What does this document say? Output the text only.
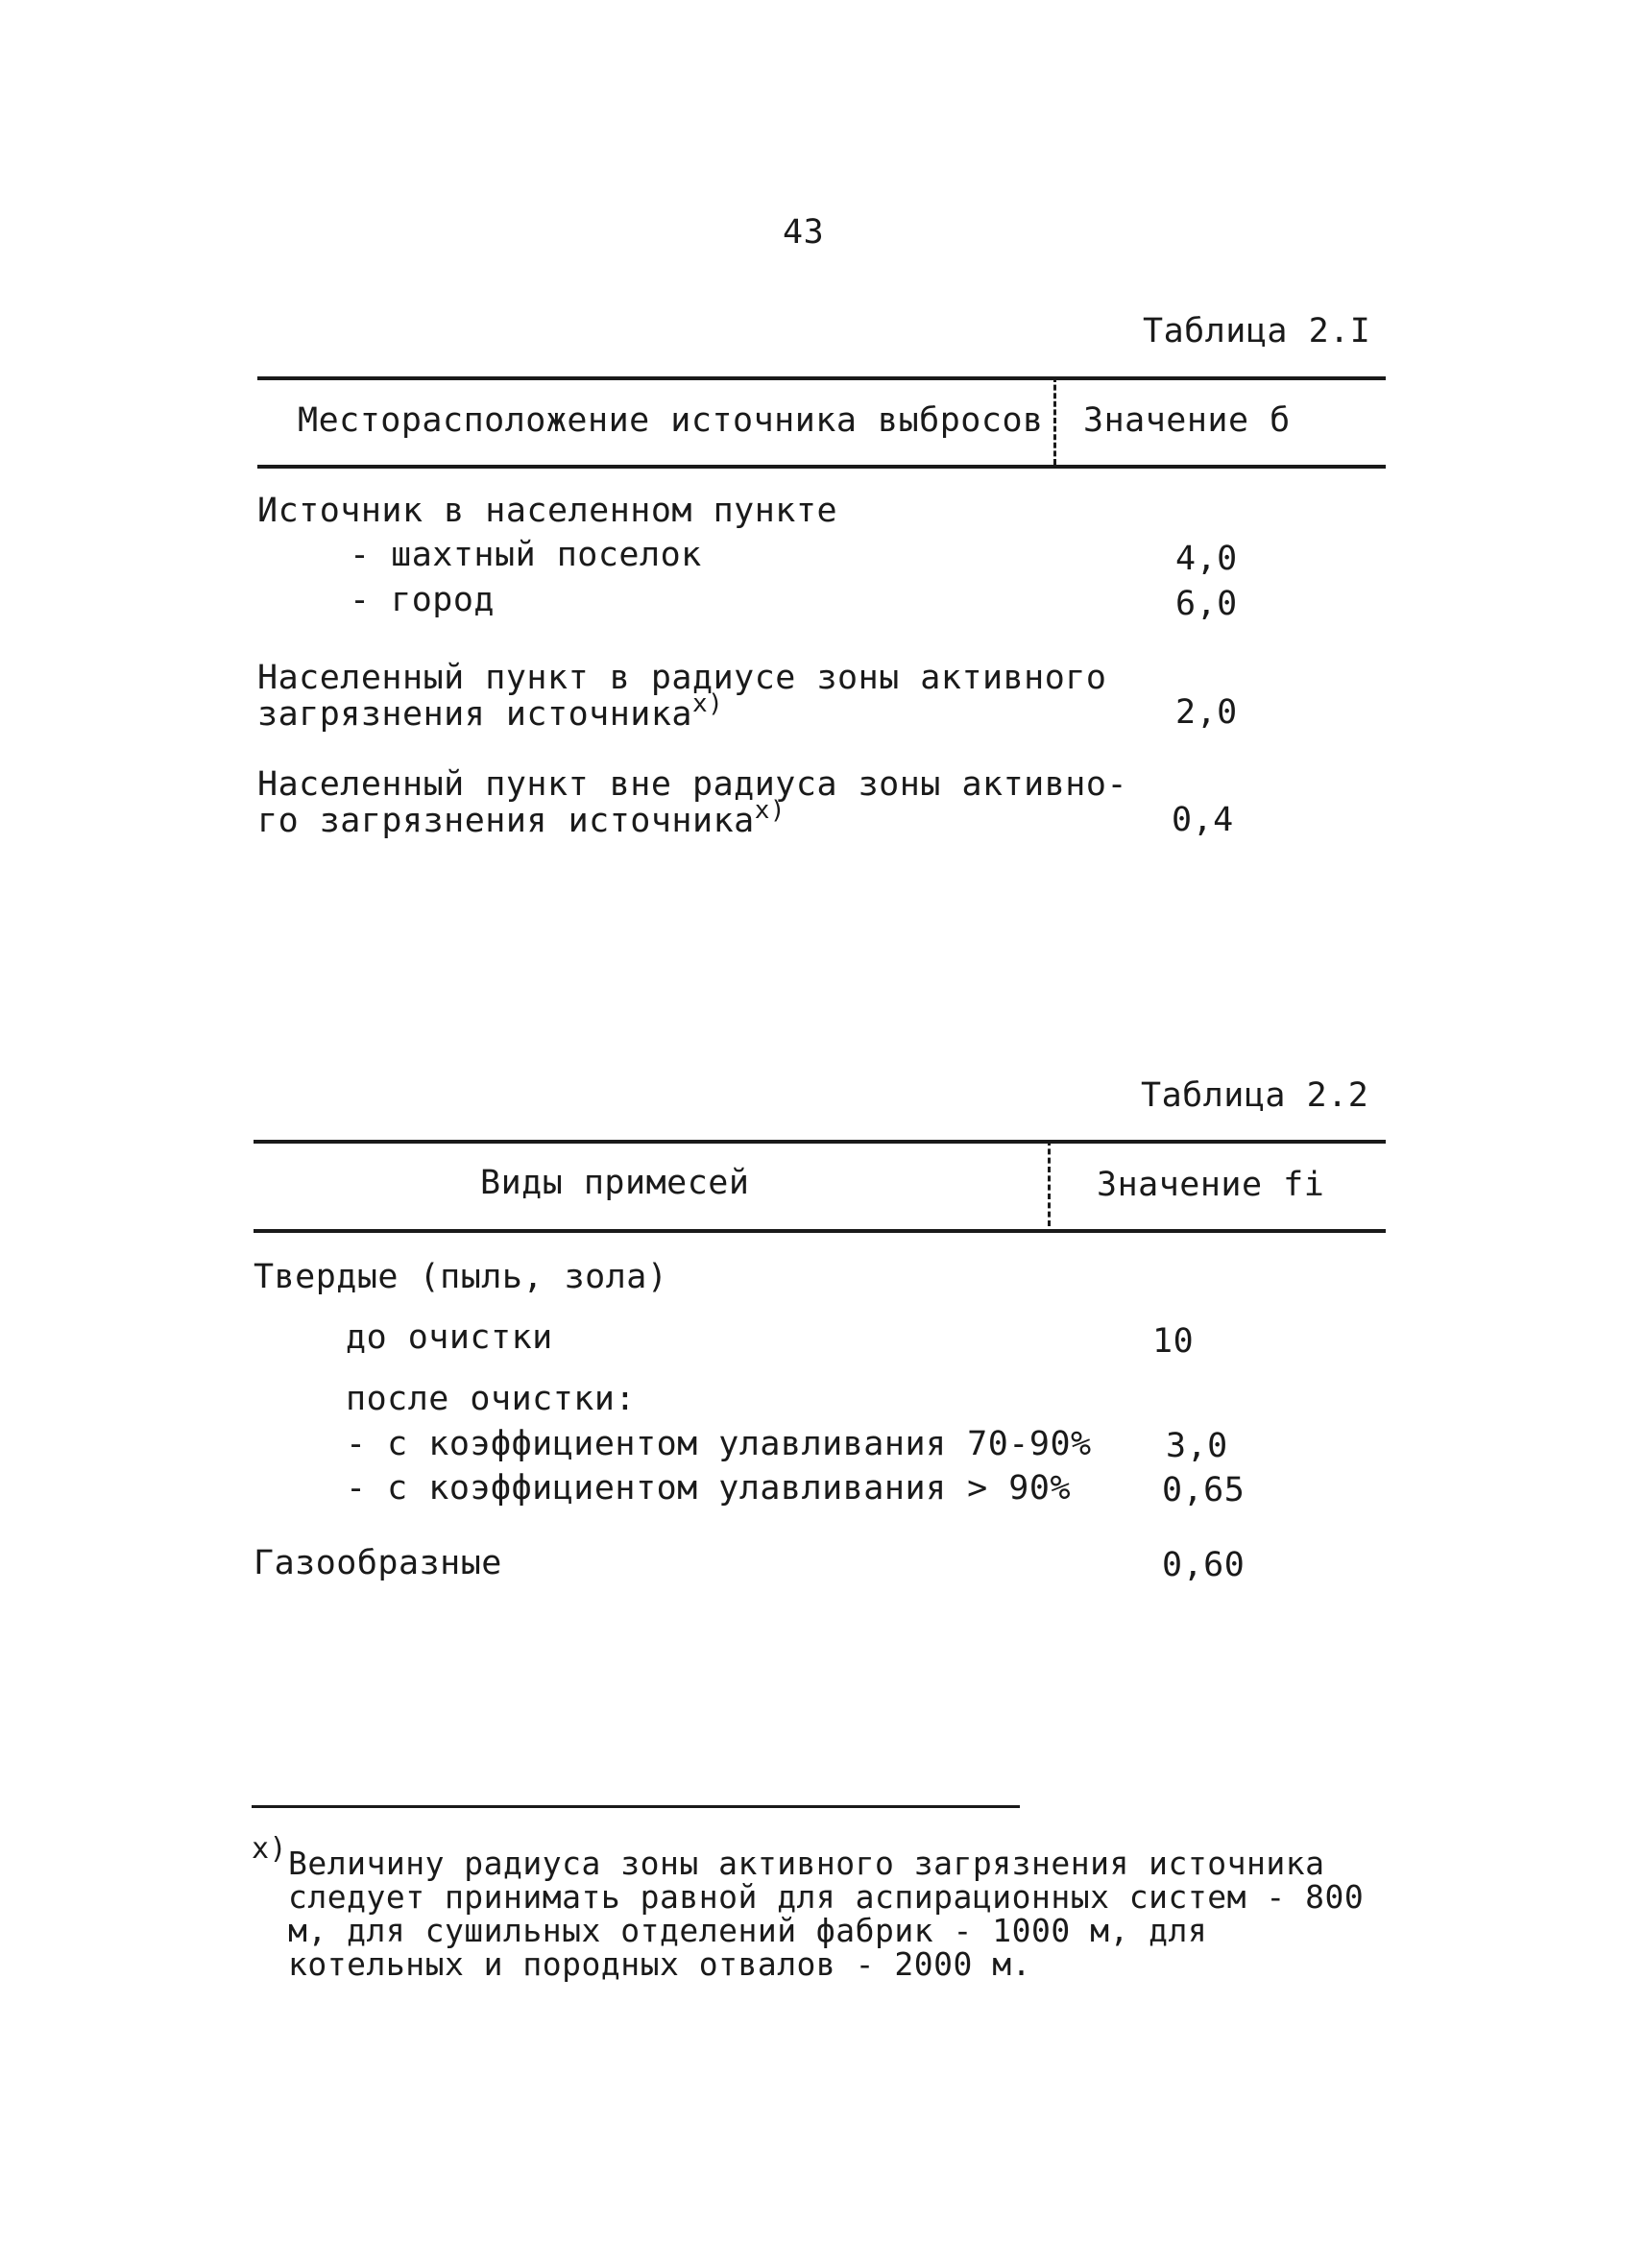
43
Таблица 2.I
Месторасположение источника выбросов Значение б
Источник в населенном пункте
- шахтный поселок	4,0
- город	6,0
Населенный пункт в радиусе зоны активного
загрязнения источника$^{x)}$	2,0
Населенный пункт вне радиуса зоны активно-
го загрязнения источника$^{x)}$	0,4
Таблица 2.2
Виды примесей	Значение fi
Твердые (пыль, зола)
до очистки	10
после очистки:
- с коэффициентом улавливания 70-90% 3,0
- с коэффициентом улавливания > 90%	0,65
Газообразные	0,60
x) Величину радиуса зоны активного загрязнения источника следует принимать равной для аспирационных систем - 800 м, для сушильных отделений фабрик - 1000 м, для котельных и породных отвалов - 2000 м.
